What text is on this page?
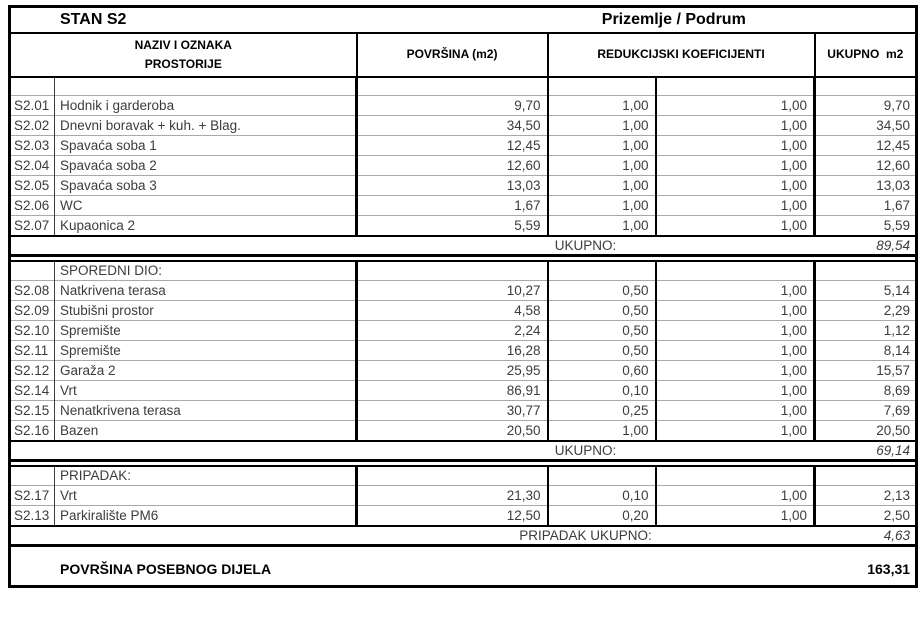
STAN S2		Prizemlje / Podrum			
NAZIV I OZNAKA
PROSTORIJE		POVRŠINA (m2)	REDUKCIJSKI KOEFICIJENTI		UKUPNO  m2

S2.01	Hodnik i garderoba	9,70	1,00	1,00	9,70
S2.02	Dnevni boravak + kuh. + Blag.	34,50	1,00	1,00	34,50
S2.03	Spavaća soba 1	12,45	1,00	1,00	12,45
S2.04	Spavaća soba 2	12,60	1,00	1,00	12,60
S2.05	Spavaća soba 3	13,03	1,00	1,00	13,03
S2.06	WC	1,67	1,00	1,00	1,67
S2.07	Kupaonica 2	5,59	1,00	1,00	5,59
		UKUPNO:			89,54

	SPOREDNI DIO:				
S2.08	Natkrivena terasa	10,27	0,50	1,00	5,14
S2.09	Stubišni prostor	4,58	0,50	1,00	2,29
S2.10	Spremište	2,24	0,50	1,00	1,12
S2.11	Spremište	16,28	0,50	1,00	8,14
S2.12	Garaža 2	25,95	0,60	1,00	15,57
S2.14	Vrt	86,91	0,10	1,00	8,69
S2.15	Nenatkrivena terasa	30,77	0,25	1,00	7,69
S2.16	Bazen	20,50	1,00	1,00	20,50
		UKUPNO:			69,14

	PRIPADAK:				
S2.17	Vrt	21,30	0,10	1,00	2,13
S2.13	Parkiralište PM6	12,50	0,20	1,00	2,50
		PRIPADAK UKUPNO:			4,63
POVRŠINA POSEBNOG DIJELA					163,31
